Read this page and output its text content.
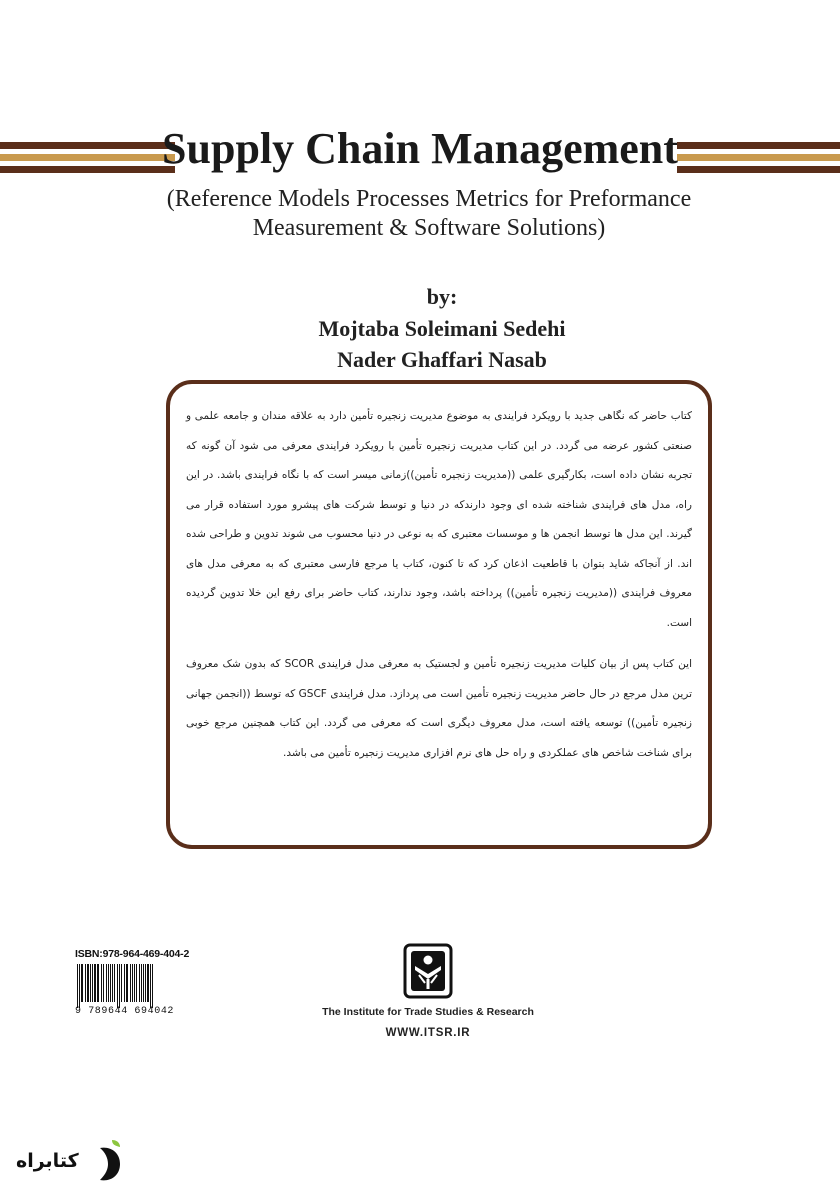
Supply Chain Management
(Reference Models Processes Metrics for Preformance
Measurement & Software Solutions)
by:
Mojtaba Soleimani Sedehi
Nader Ghaffari Nasab

کتاب حاضر که نگاهی جدید با رویکرد فرایندی به موضوع مدیریت زنجیره تأمین دارد به علاقه مندان و جامعه علمی و صنعتی کشور عرضه می گردد. در این کتاب مدیریت زنجیره تأمین با رویکرد فرایندی معرفی می شود آن گونه که تجربه نشان داده است، بکارگیری علمی ((مدیریت زنجیره تأمین))زمانی میسر است که با نگاه فرایندی باشد. در این راه، مدل های فرایندی شناخته شده ای وجود دارندکه در دنیا و توسط شرکت های پیشرو مورد استفاده قرار می گیرند. این مدل ها توسط انجمن ها و موسسات معتبری که به نوعی در دنیا محسوب می شوند تدوین و طراحی شده اند. از آنجاکه شاید بتوان با قاطعیت اذعان کرد که تا کنون، کتاب یا مرجع فارسی معتبری که به معرفی مدل های معروف فرایندی ((مدیریت زنجیره تأمین)) پرداخته باشد، وجود ندارند، کتاب حاضر برای رفع این خلا تدوین گردیده است.

این کتاب پس از بیان کلیات مدیریت زنجیره تأمین و لجستیک به معرفی مدل فرایندی SCOR که بدون شک معروف ترین مدل مرجع در حال حاضر مدیریت زنجیره تأمین است می پردازد. مدل فرایندی GSCF که توسط ((انجمن جهانی زنجیره تأمین)) توسعه یافته است، مدل معروف دیگری است که معرفی می گردد. این کتاب همچنین مرجع خوبی برای شناخت شاخص های عملکردی و راه حل های نرم افزاری مدیریت زنجیره تأمین می باشد.

ISBN:978-964-469-404-2
9 789644 694042	The Institute for Trade Studies & Research
WWW.ITSR.IR
کتابراه
